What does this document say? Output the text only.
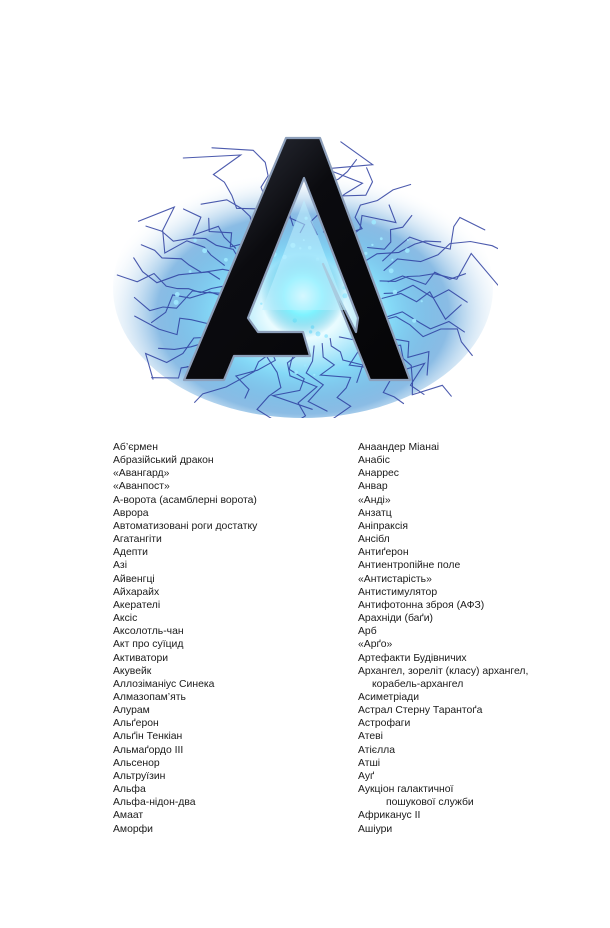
Аб’єрмен
Абразійський дракон
«Авангард»
«Аванпост»
А-ворота (асамблерні ворота)
Аврора
Автоматизовані роги достатку
Агатангіти
Адепти
Азі
Айвенгці
Айхарайх
Акерателі
Аксіс
Аксолотль-чан
Акт про суїцид
Активатори
Акувейк
Аллозіманіус Синека
Алмазопам’ять
Алурам
Альґерон
Альґін Тенкіан
Альмаґордо ІІІ
Альсенор
Альтруїзин
Альфа
Альфа-нідон-два
Амаат
Аморфи
Анаандер Міанаі
Анабіс
Анаррес
Анвар
«Анді»
Анзатц
Аніпраксія
Ансібл
Антиґерон
Антиентропійне поле
«Антистарість»
Антистимулятор
Антифотонна зброя (АФЗ)
Арахніди (баґи)
Арб
«Арґо»
Артефакти Будівничих
Архангел, зорелiт (класу) архангел,
корабель-архангел
Асиметріади
Астрал Стерну Тарантоґа
Астрофаги
Атеві
Атієлла
Атші
Ауґ
Аукціон галактичної
пошукової служби
Африканус ІІ
Ашіури
